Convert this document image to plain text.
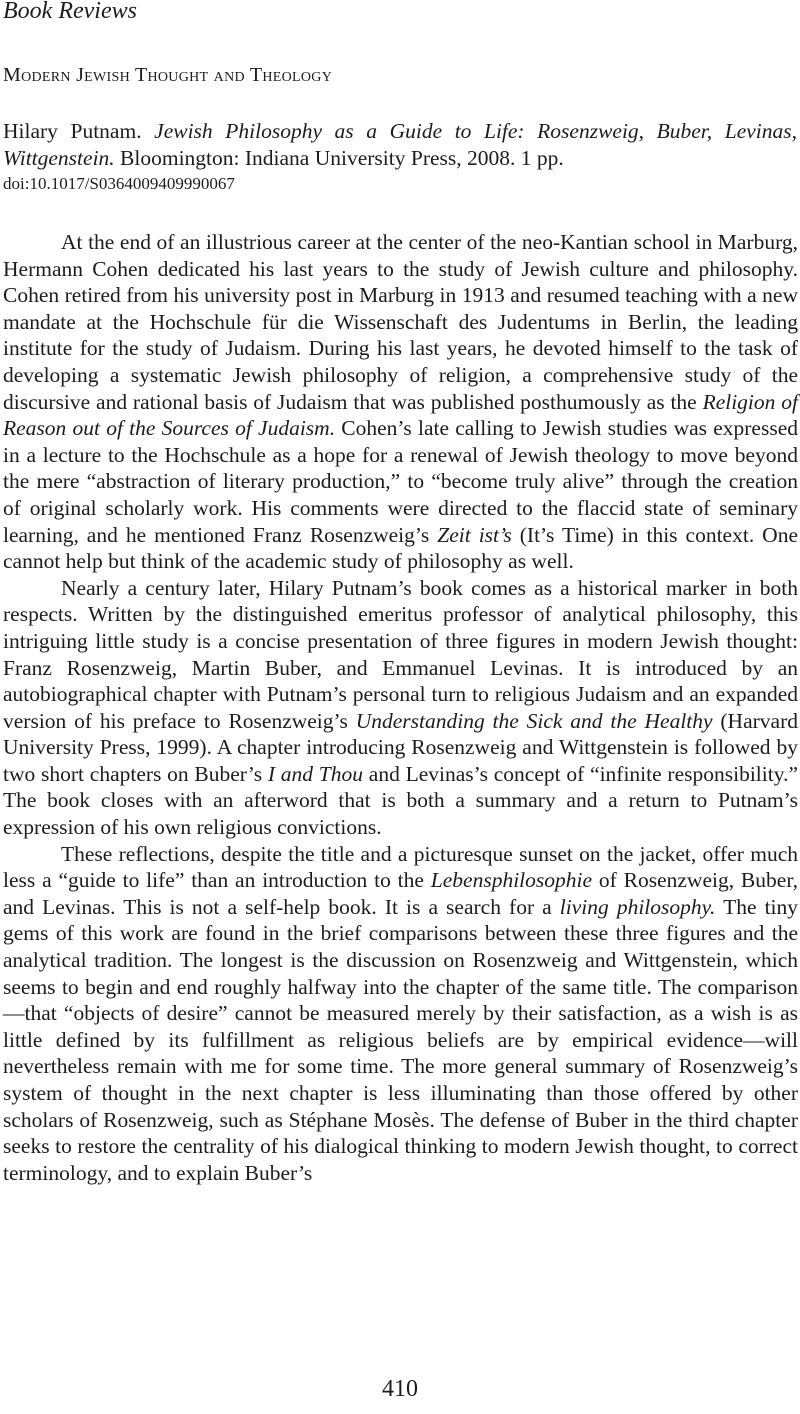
Book Reviews
Modern Jewish Thought and Theology
Hilary Putnam. Jewish Philosophy as a Guide to Life: Rosenzweig, Buber, Levinas, Wittgenstein. Bloomington: Indiana University Press, 2008. 1 pp.
doi:10.1017/S0364009409990067

At the end of an illustrious career at the center of the neo-Kantian school in Marburg, Hermann Cohen dedicated his last years to the study of Jewish culture and philosophy. Cohen retired from his university post in Marburg in 1913 and resumed teaching with a new mandate at the Hochschule für die Wissenschaft des Judentums in Berlin, the leading institute for the study of Judaism. During his last years, he devoted himself to the task of developing a systematic Jewish philosophy of religion, a comprehensive study of the discursive and rational basis of Judaism that was published posthumously as the Religion of Reason out of the Sources of Judaism. Cohen’s late calling to Jewish studies was expressed in a lecture to the Hochschule as a hope for a renewal of Jewish theology to move beyond the mere “abstraction of literary production,” to “become truly alive” through the creation of original scholarly work. His comments were directed to the flaccid state of seminary learning, and he mentioned Franz Rosenzweig’s Zeit ist’s (It’s Time) in this context. One cannot help but think of the academic study of philosophy as well.

Nearly a century later, Hilary Putnam’s book comes as a historical marker in both respects. Written by the distinguished emeritus professor of analytical philosophy, this intriguing little study is a concise presentation of three figures in modern Jewish thought: Franz Rosenzweig, Martin Buber, and Emmanuel Levinas. It is introduced by an autobiographical chapter with Putnam’s personal turn to religious Judaism and an expanded version of his preface to Rosenzweig’s Understanding the Sick and the Healthy (Harvard University Press, 1999). A chapter introducing Rosenzweig and Wittgenstein is followed by two short chapters on Buber’s I and Thou and Levinas’s concept of “infinite responsibility.” The book closes with an afterword that is both a summary and a return to Putnam’s expression of his own religious convictions.

These reflections, despite the title and a picturesque sunset on the jacket, offer much less a “guide to life” than an introduction to the Lebensphilosophie of Rosenzweig, Buber, and Levinas. This is not a self-help book. It is a search for a living philosophy. The tiny gems of this work are found in the brief comparisons between these three figures and the analytical tradition. The longest is the discussion on Rosenzweig and Wittgenstein, which seems to begin and end roughly halfway into the chapter of the same title. The comparison—that “objects of desire” cannot be measured merely by their satisfaction, as a wish is as little defined by its fulfillment as religious beliefs are by empirical evidence—will nevertheless remain with me for some time. The more general summary of Rosenzweig’s system of thought in the next chapter is less illuminating than those offered by other scholars of Rosenzweig, such as Stéphane Mosès. The defense of Buber in the third chapter seeks to restore the centrality of his dialogical thinking to modern Jewish thought, to correct terminology, and to explain Buber’s

410
